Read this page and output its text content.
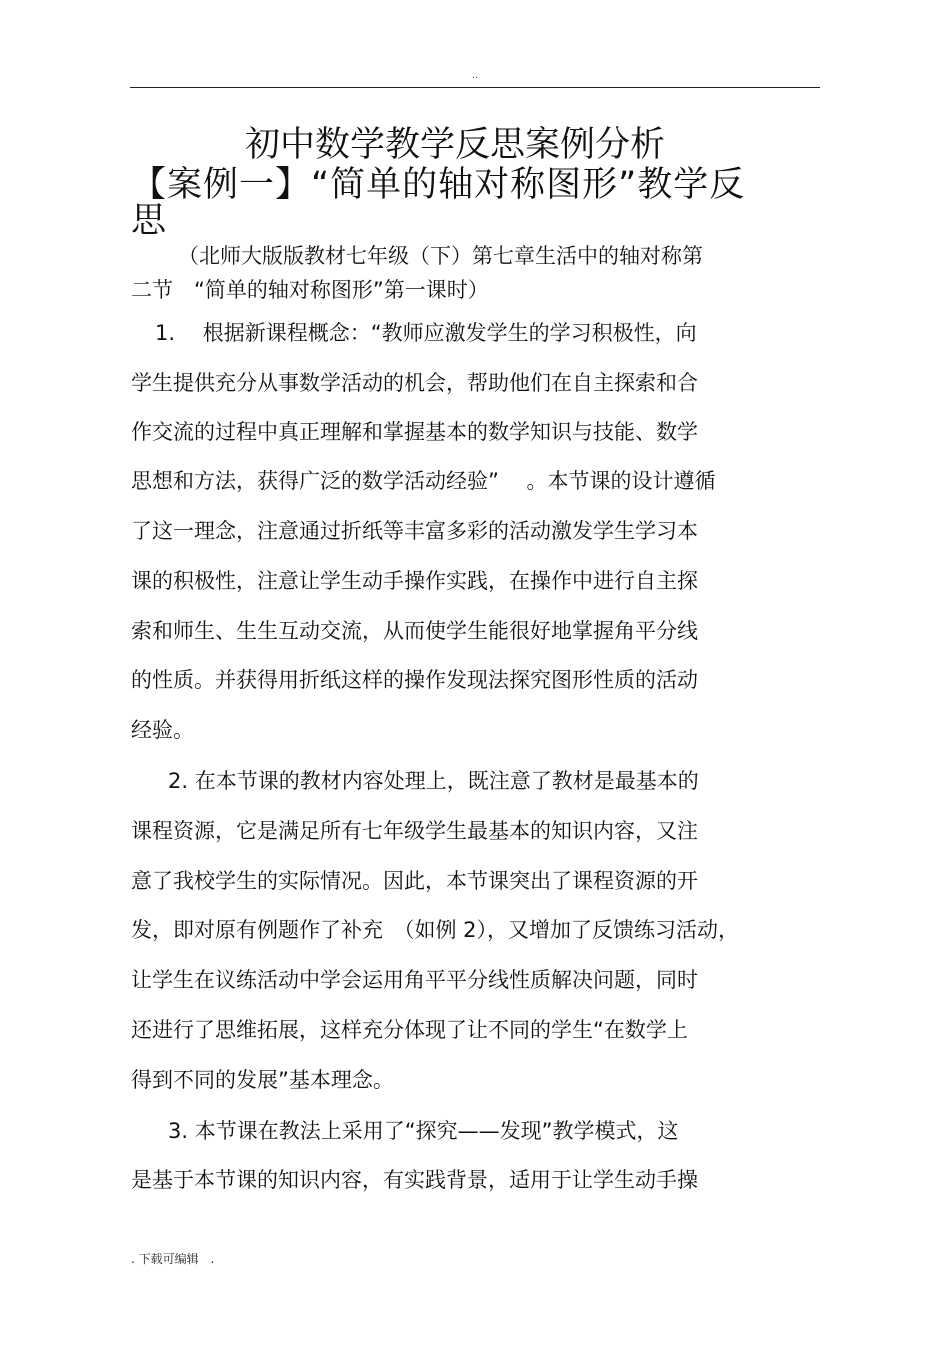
..
初中数学教学反思案例分析
【案例一】“简单的轴对称图形”教学反
思
（北师大版版教材七年级（下）第七章生活中的轴对称第
二节　“简单的轴对称图形”第一课时）
1.　 根据新课程概念：“教师应激发学生的学习积极性，向
学生提供充分从事数学活动的机会，帮助他们在自主探索和合
作交流的过程中真正理解和掌握基本的数学知识与技能、数学
思想和方法，获得广泛的数学活动经验”　 。本节课的设计遵循
了这一理念，注意通过折纸等丰富多彩的活动激发学生学习本
课的积极性，注意让学生动手操作实践，在操作中进行自主探
索和师生、生生互动交流，从而使学生能很好地掌握角平分线
的性质。并获得用折纸这样的操作发现法探究图形性质的活动
经验。
2. 在本节课的教材内容处理上，既注意了教材是最基本的
课程资源，它是满足所有七年级学生最基本的知识内容，又注
意了我校学生的实际情况。因此，本节课突出了课程资源的开
发，即对原有例题作了补充　（如例 2），又增加了反馈练习活动，
让学生在议练活动中学会运用角平平分线性质解决问题，同时
还进行了思维拓展，这样充分体现了让不同的学生“在数学上
得到不同的发展”基本理念。
3. 本节课在教法上采用了“探究——发现”教学模式，这
是基于本节课的知识内容，有实践背景，适用于让学生动手操
. 下载可编辑　.
